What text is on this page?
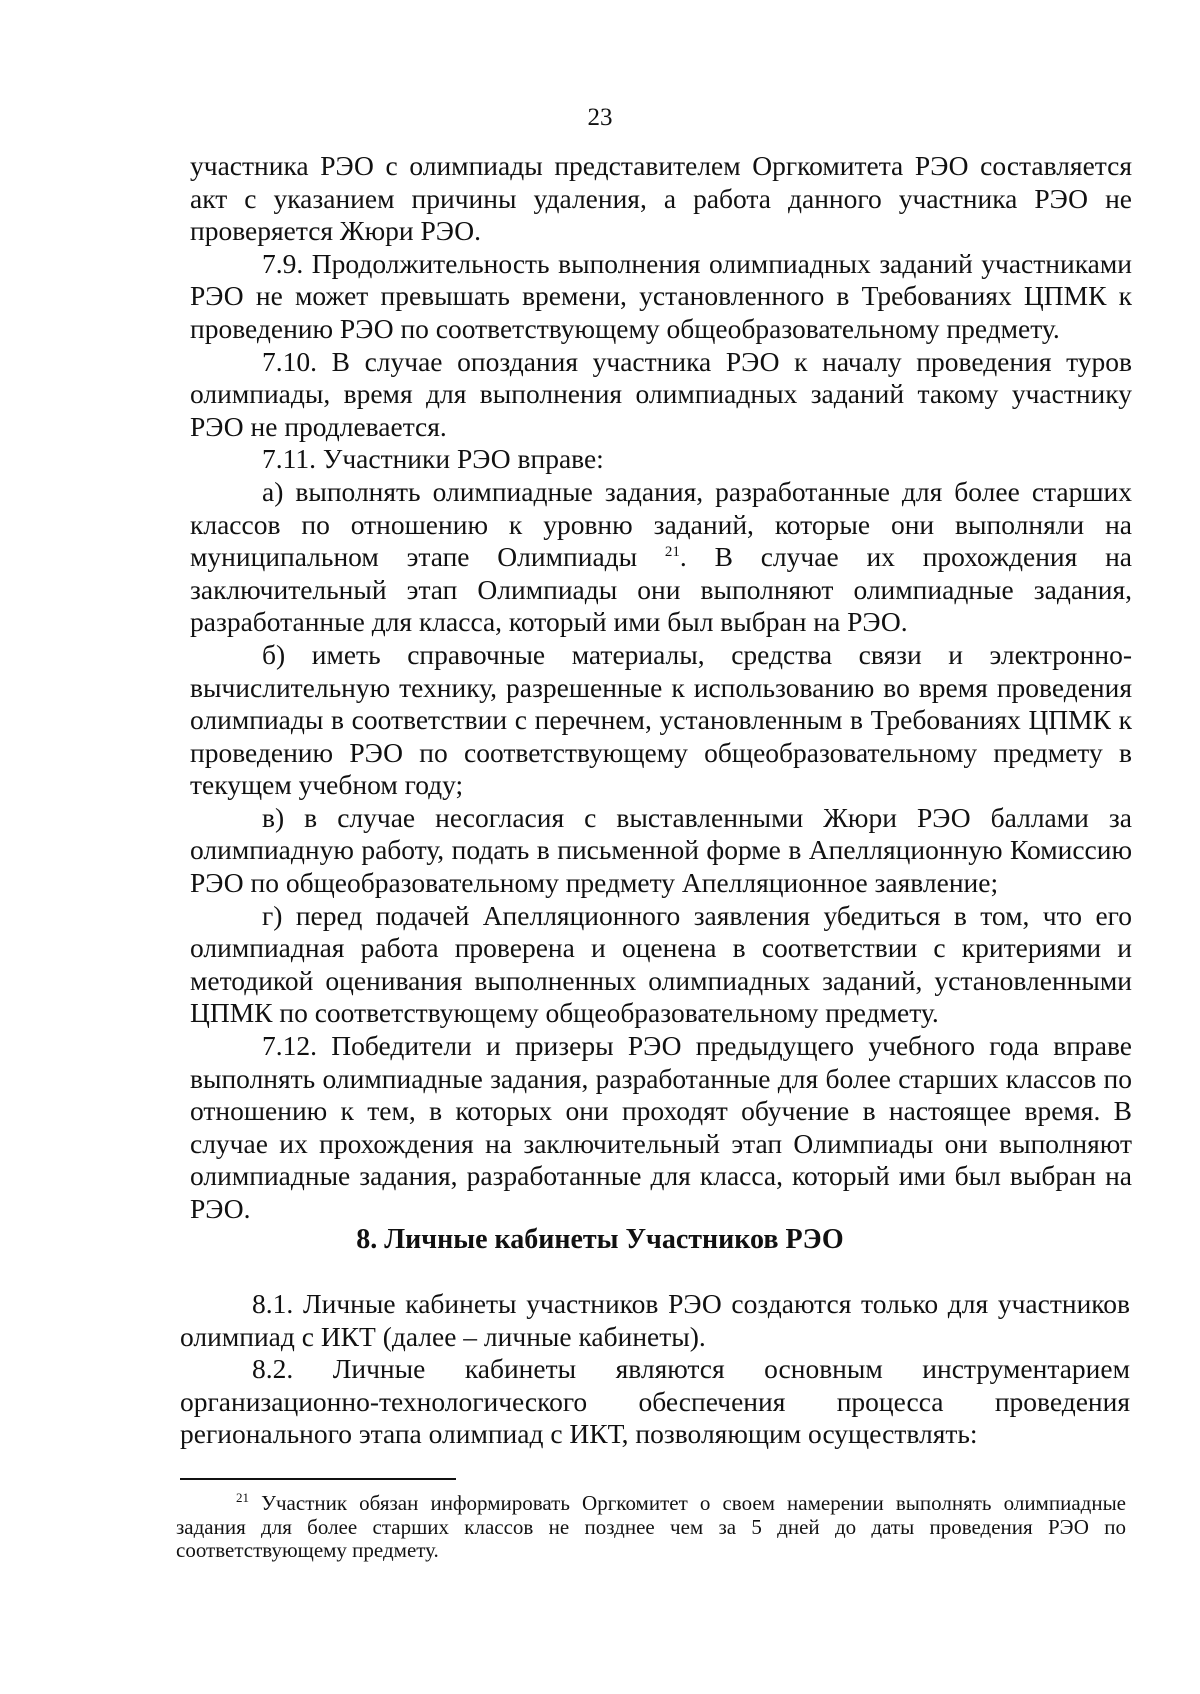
23

участника РЭО с олимпиады представителем Оргкомитета РЭО составляется акт с указанием причины удаления, а работа данного участника РЭО не проверяется Жюри РЭО.

7.9. Продолжительность выполнения олимпиадных заданий участниками РЭО не может превышать времени, установленного в Требованиях ЦПМК к проведению РЭО по соответствующему общеобразовательному предмету.

7.10. В случае опоздания участника РЭО к началу проведения туров олимпиады, время для выполнения олимпиадных заданий такому участнику РЭО не продлевается.

7.11. Участники РЭО вправе:

а) выполнять олимпиадные задания, разработанные для более старших классов по отношению к уровню заданий, которые они выполняли на муниципальном этапе Олимпиады $^{21}$. В случае их прохождения на заключительный этап Олимпиады они выполняют олимпиадные задания, разработанные для класса, который ими был выбран на РЭО.

б) иметь справочные материалы, средства связи и электронно-вычислительную технику, разрешенные к использованию во время проведения олимпиады в соответствии с перечнем, установленным в Требованиях ЦПМК к проведению РЭО по соответствующему общеобразовательному предмету в текущем учебном году;

в) в случае несогласия с выставленными Жюри РЭО баллами за олимпиадную работу, подать в письменной форме в Апелляционную Комиссию РЭО по общеобразовательному предмету Апелляционное заявление;

г) перед подачей Апелляционного заявления убедиться в том, что его олимпиадная работа проверена и оценена в соответствии с критериями и методикой оценивания выполненных олимпиадных заданий, установленными ЦПМК по соответствующему общеобразовательному предмету.

7.12. Победители и призеры РЭО предыдущего учебного года вправе выполнять олимпиадные задания, разработанные для более старших классов по отношению к тем, в которых они проходят обучение в настоящее время. В случае их прохождения на заключительный этап Олимпиады они выполняют олимпиадные задания, разработанные для класса, который ими был выбран на РЭО.

8. Личные кабинеты Участников РЭО

8.1. Личные кабинеты участников РЭО создаются только для участников олимпиад с ИКТ (далее – личные кабинеты).

8.2. Личные кабинеты являются основным инструментарием организационно-технологического обеспечения процесса проведения регионального этапа олимпиад с ИКТ, позволяющим осуществлять:

$^{21}$ Участник обязан информировать Оргкомитет о своем намерении выполнять олимпиадные задания для более старших классов не позднее чем за 5 дней до даты проведения РЭО по соответствующему предмету.
